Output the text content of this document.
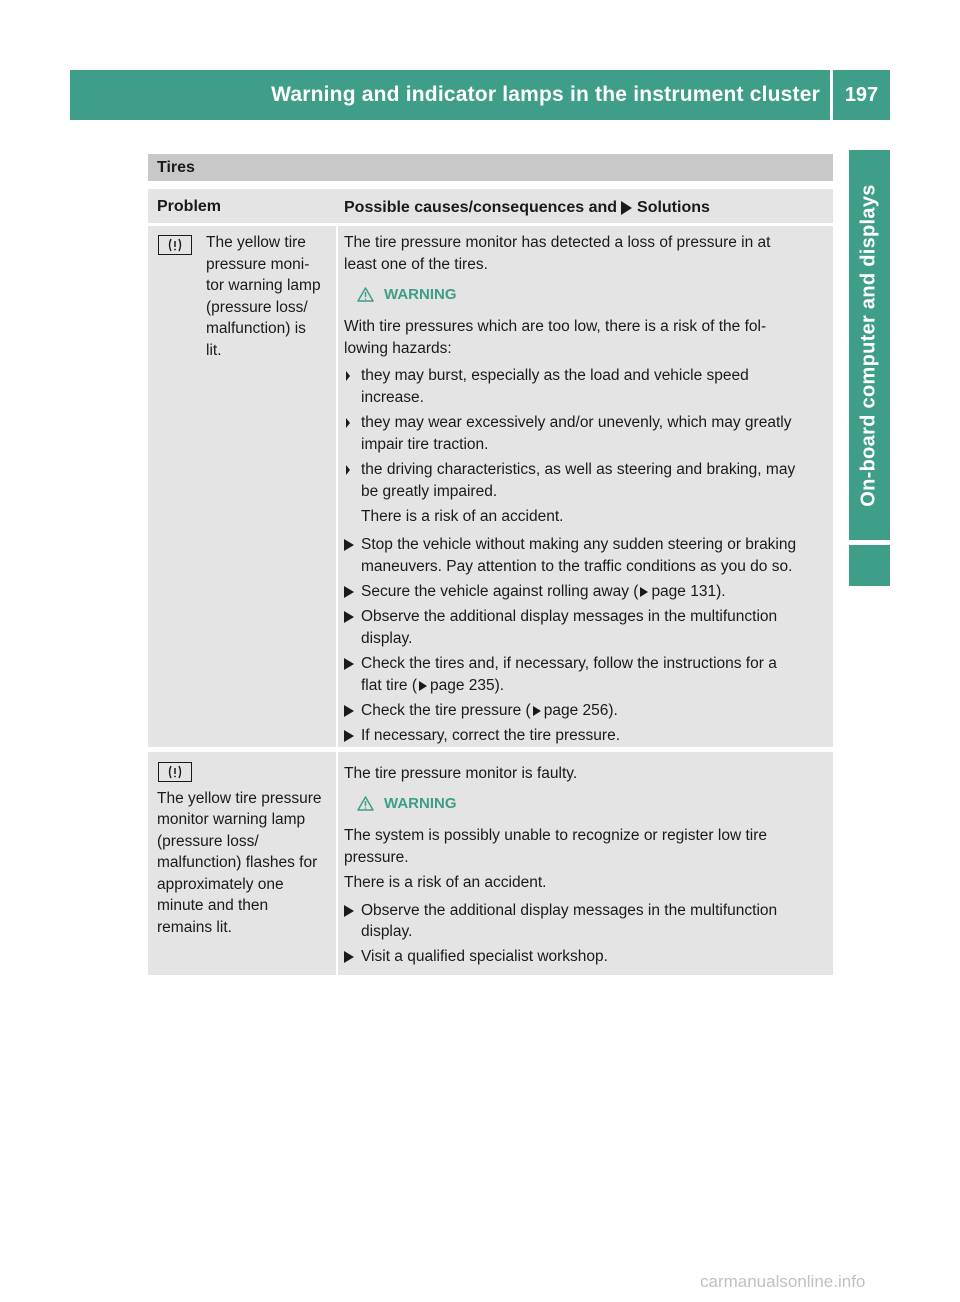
Warning and indicator lamps in the instrument cluster	197
On-board computer and displays
Tires
Problem	Possible causes/consequences and Solutions
The yellow tire
pressure moni-
tor warning lamp
(pressure loss/
malfunction) is
lit.
The tire pressure monitor has detected a loss of pressure in at
least one of the tires.
WARNING
With tire pressures which are too low, there is a risk of the fol-
lowing hazards:
they may burst, especially as the load and vehicle speed
increase.
they may wear excessively and/or unevenly, which may greatly
impair tire traction.
the driving characteristics, as well as steering and braking, may
be greatly impaired.
There is a risk of an accident.
Stop the vehicle without making any sudden steering or braking
maneuvers. Pay attention to the traffic conditions as you do so.
Secure the vehicle against rolling away ( page 131).
Observe the additional display messages in the multifunction
display.
Check the tires and, if necessary, follow the instructions for a
flat tire ( page 235).
Check the tire pressure ( page 256).
If necessary, correct the tire pressure.
The yellow tire pressure
monitor warning lamp
(pressure loss/
malfunction) flashes for
approximately one
minute and then
remains lit.
The tire pressure monitor is faulty.
WARNING
The system is possibly unable to recognize or register low tire
pressure.
There is a risk of an accident.
Observe the additional display messages in the multifunction
display.
Visit a qualified specialist workshop.
carmanualsonline.info
